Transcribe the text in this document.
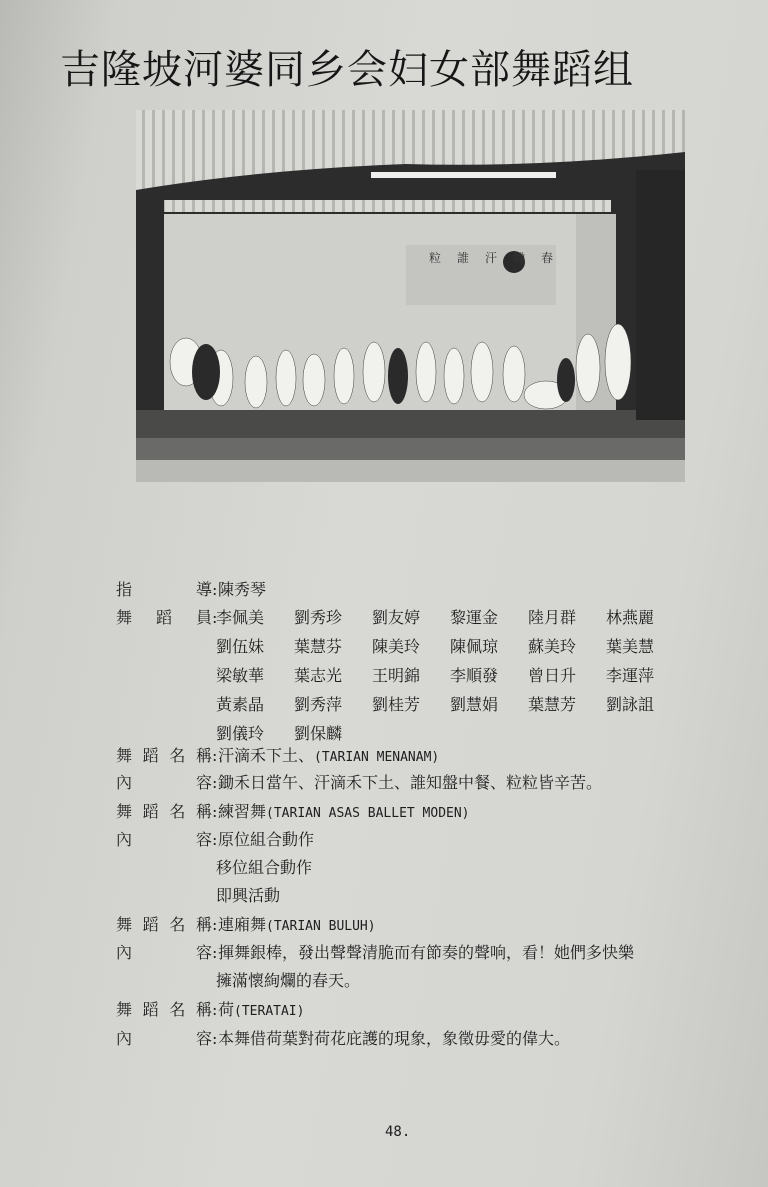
吉隆坡河婆同乡会妇女部舞蹈组
春
鋤
汗
誰
粒
指導:陳秀琴
舞蹈員:
李佩美 劉秀珍 劉友婷 黎運金 陸月群 林燕麗
劉伍妹 葉慧芬 陳美玲 陳佩琼 蘇美玲 葉美慧
梁敏華 葉志光 王明錦 李順發 曾日升 李運萍
黃素晶 劉秀萍 劉桂芳 劉慧娟 葉慧芳 劉詠詛
劉儀玲 劉保麟
舞蹈名稱:汗滴禾下土、(TARIAN MENANAM)
內容:鋤禾日當午、汗滴禾下土、誰知盤中餐、粒粒皆辛苦。
舞蹈名稱:練習舞(TARIAN ASAS BALLET MODEN)
內容:原位組合動作
移位組合動作
即興活動
舞蹈名稱:連廂舞(TARIAN BULUH)
內容:揮舞銀棒，發出聲聲清脆而有節奏的聲响，看！她們多快樂
擁滿懷絢爛的春天。
舞蹈名稱:荷(TERATAI)
內容:本舞借荷葉對荷花庇護的現象，象徵毋愛的偉大。
48.
